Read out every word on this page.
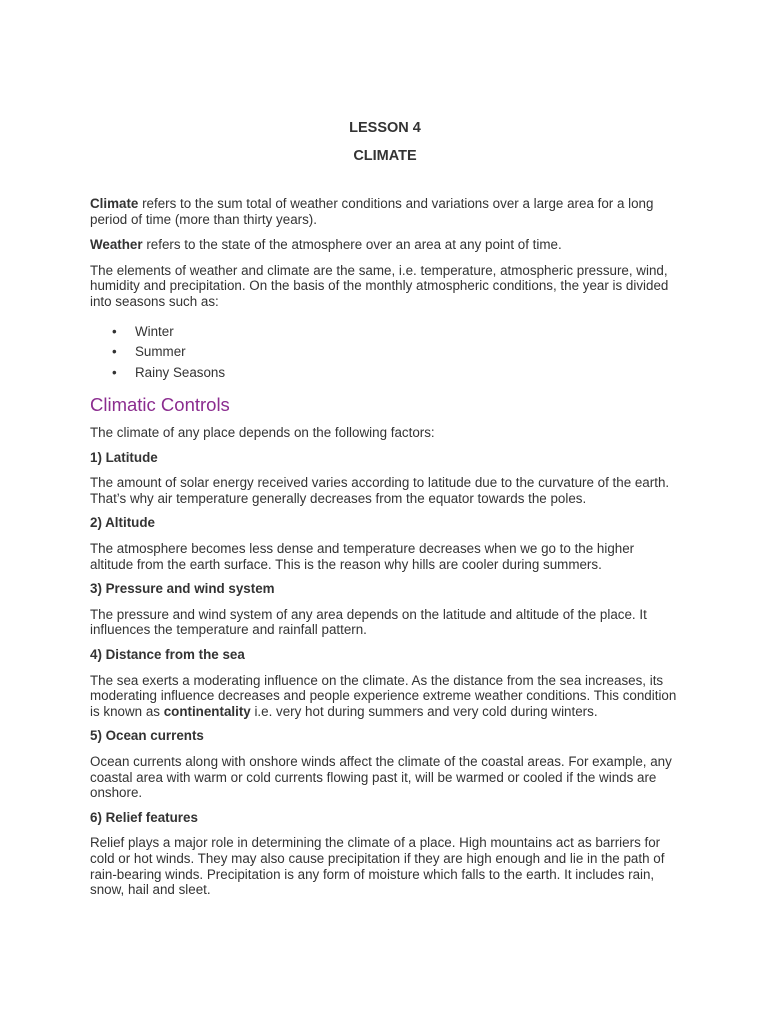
LESSON 4
CLIMATE

Climate refers to the sum total of weather conditions and variations over a large area for a long period of time (more than thirty years).

Weather refers to the state of the atmosphere over an area at any point of time.

The elements of weather and climate are the same, i.e. temperature, atmospheric pressure, wind, humidity and precipitation. On the basis of the monthly atmospheric conditions, the year is divided into seasons such as:

• Winter
• Summer
• Rainy Seasons
Climatic Controls

The climate of any place depends on the following factors:

1) Latitude

The amount of solar energy received varies according to latitude due to the curvature of the earth. That’s why air temperature generally decreases from the equator towards the poles.

2) Altitude

The atmosphere becomes less dense and temperature decreases when we go to the higher altitude from the earth surface. This is the reason why hills are cooler during summers.

3) Pressure and wind system

The pressure and wind system of any area depends on the latitude and altitude of the place. It influences the temperature and rainfall pattern.

4) Distance from the sea

The sea exerts a moderating influence on the climate. As the distance from the sea increases, its moderating influence decreases and people experience extreme weather conditions. This condition is known as continentality i.e. very hot during summers and very cold during winters.

5) Ocean currents

Ocean currents along with onshore winds affect the climate of the coastal areas. For example, any coastal area with warm or cold currents flowing past it, will be warmed or cooled if the winds are onshore.

6) Relief features

Relief plays a major role in determining the climate of a place. High mountains act as barriers for cold or hot winds. They may also cause precipitation if they are high enough and lie in the path of rain-bearing winds. Precipitation is any form of moisture which falls to the earth. It includes rain, snow, hail and sleet.
